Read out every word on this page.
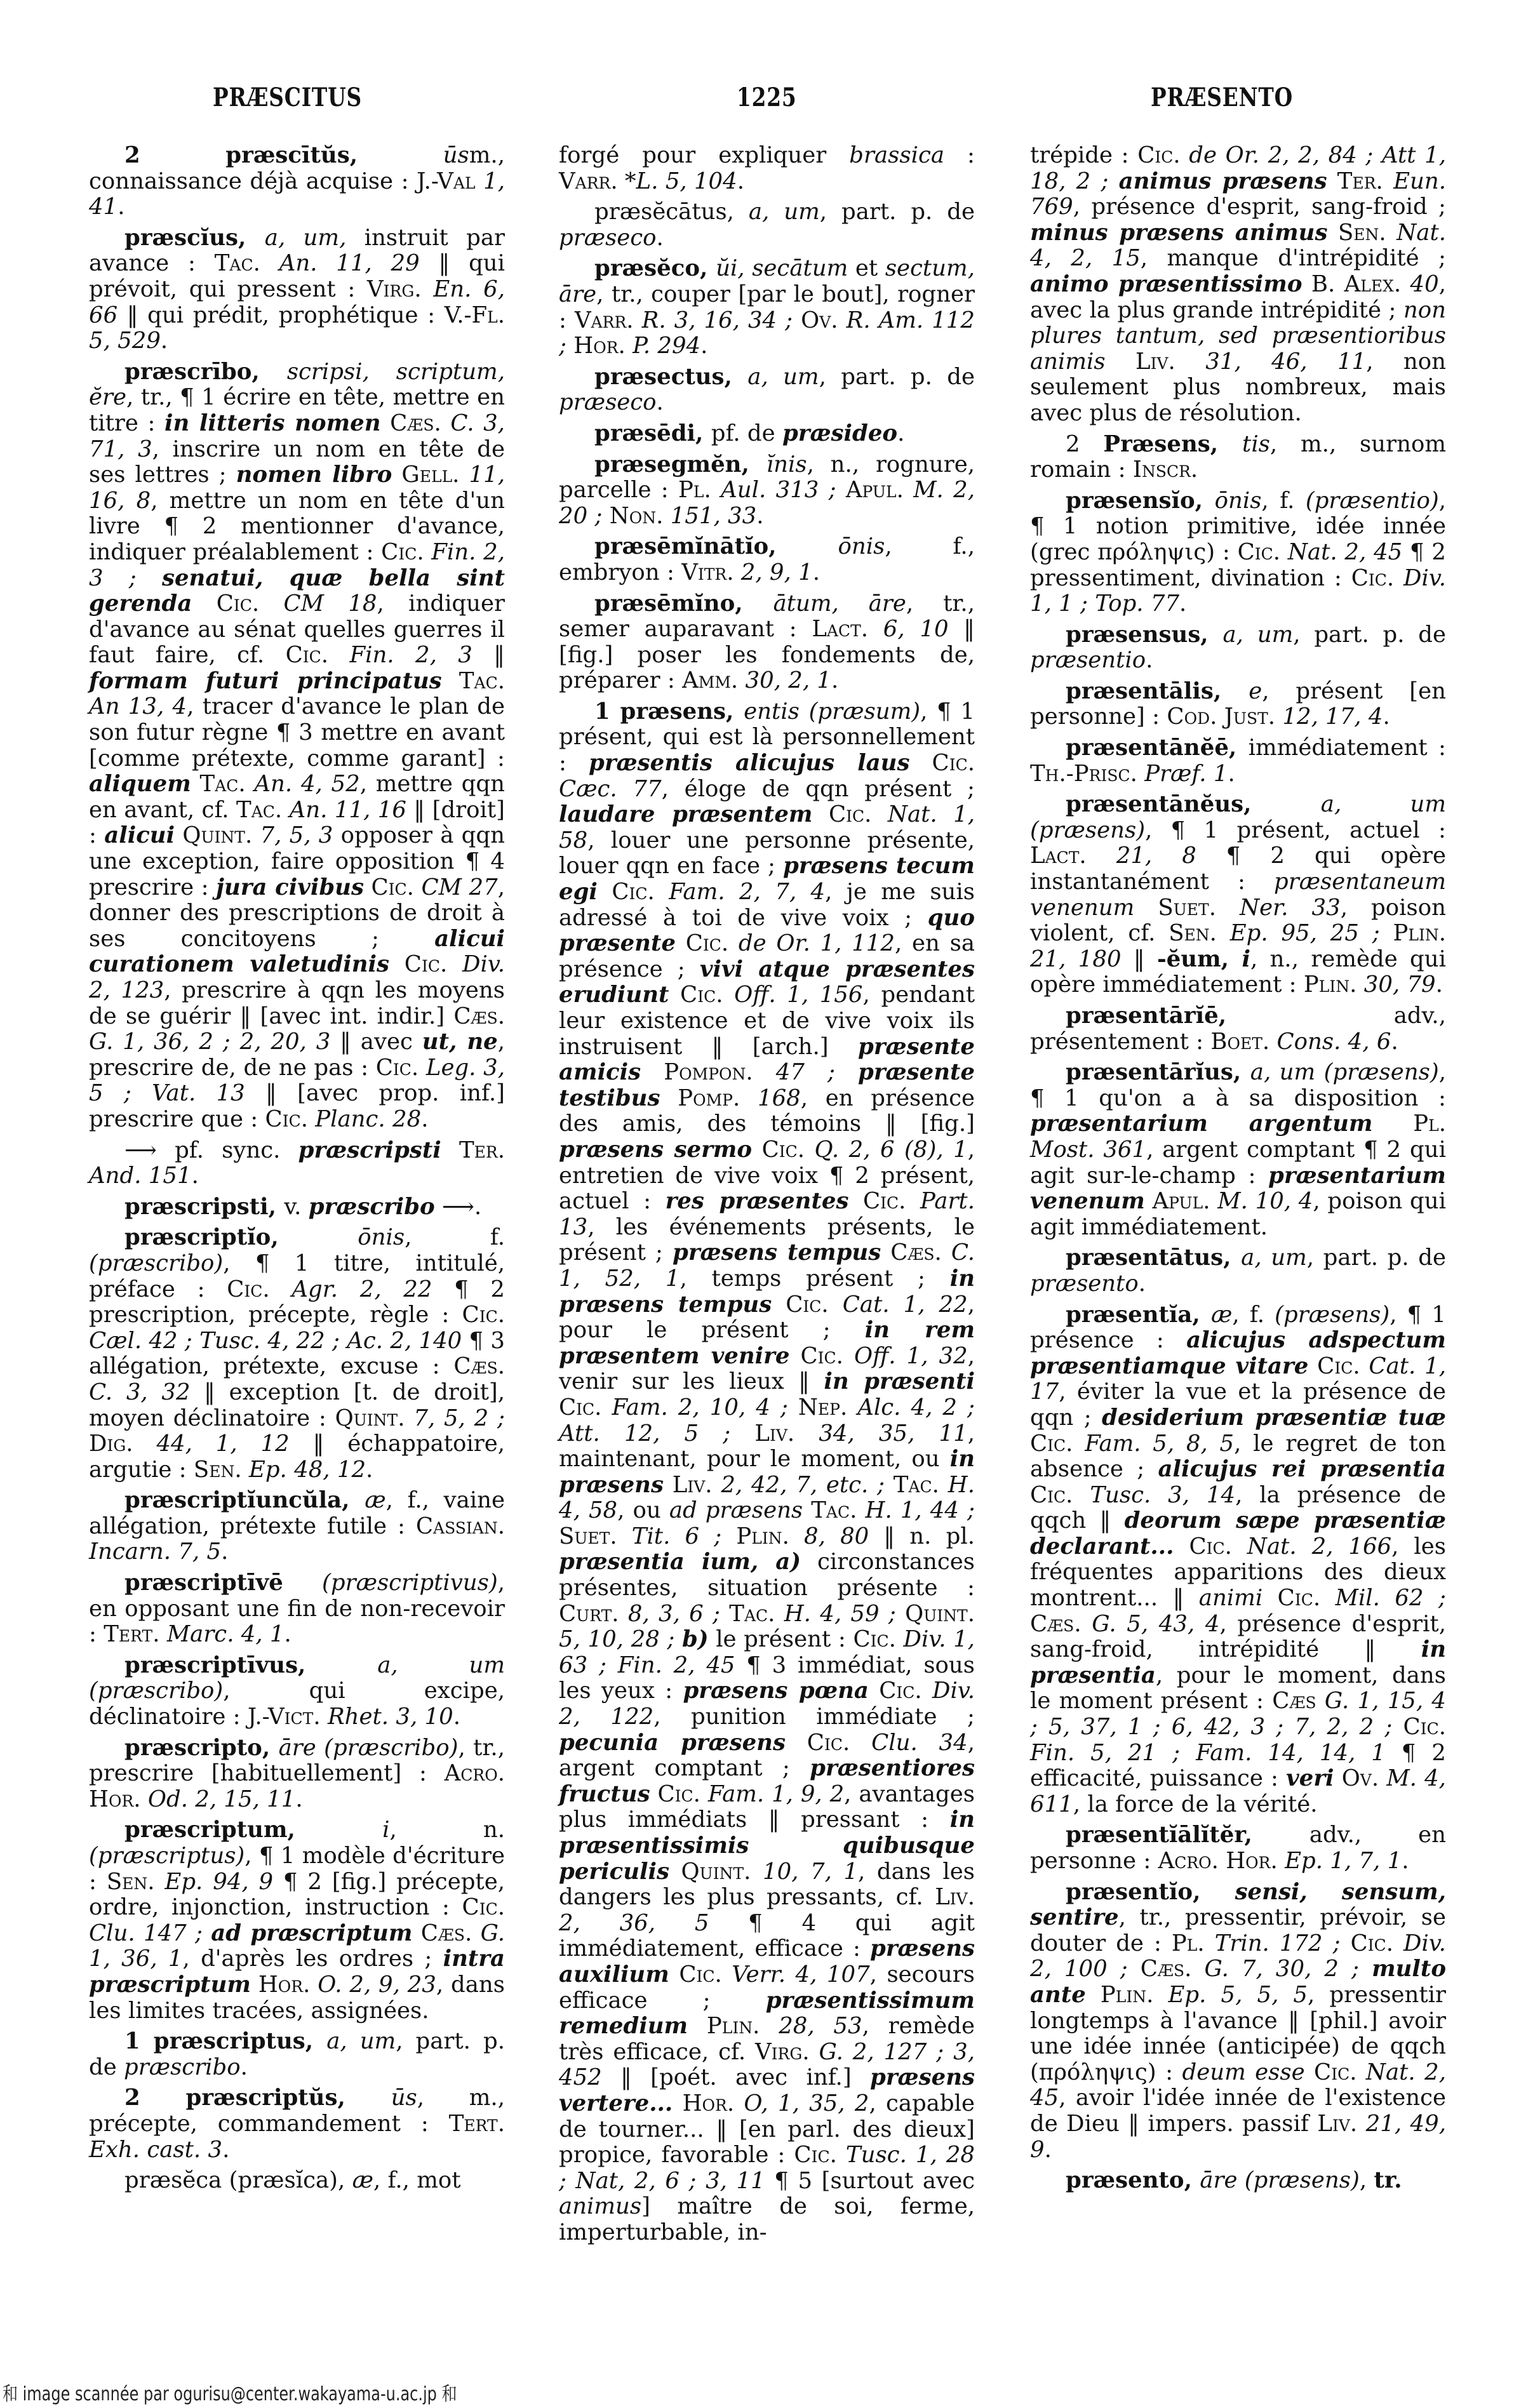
PRÆSCITUS	1225	PRÆSENTO

2 præscītŭs, ūsm., connaissance déjà acquise : J.-Val 1, 41.

præscĭus, a, um, instruit par avance : Tac. An. 11, 29 ‖ qui prévoit, qui pressent : Virg. En. 6, 66 ‖ qui prédit, prophétique : V.-Fl. 5, 529.

præscrībo, scripsi, scriptum, ĕre, tr., ¶ 1 écrire en tête, mettre en titre : in litteris nomen Cæs. C. 3, 71, 3, inscrire un nom en tête de ses lettres ; nomen libro Gell. 11, 16, 8, mettre un nom en tête d'un livre ¶ 2 mentionner d'avance, indiquer préalablement : Cic. Fin. 2, 3 ; senatui, quæ bella sint gerenda Cic. CM 18, indiquer d'avance au sénat quelles guerres il faut faire, cf. Cic. Fin. 2, 3 ‖ formam futuri principatus Tac. An 13, 4, tracer d'avance le plan de son futur règne ¶ 3 mettre en avant [comme prétexte, comme garant] : aliquem Tac. An. 4, 52, mettre qqn en avant, cf. Tac. An. 11, 16 ‖ [droit] : alicui Quint. 7, 5, 3 opposer à qqn une exception, faire opposition ¶ 4 prescrire : jura civibus Cic. CM 27, donner des prescriptions de droit à ses concitoyens ; alicui curationem valetudinis Cic. Div. 2, 123, prescrire à qqn les moyens de se guérir ‖ [avec int. indir.] Cæs. G. 1, 36, 2 ; 2, 20, 3 ‖ avec ut, ne, prescrire de, de ne pas : Cic. Leg. 3, 5 ; Vat. 13 ‖ [avec prop. inf.] prescrire que : Cic. Planc. 28.

⟶ pf. sync. præscripsti Ter. And. 151.

præscripsti, v. præscribo ⟶.

præscriptĭo, ōnis, f. (præscribo), ¶ 1 titre, intitulé, préface : Cic. Agr. 2, 22 ¶ 2 prescription, précepte, règle : Cic. Cæl. 42 ; Tusc. 4, 22 ; Ac. 2, 140 ¶ 3 allégation, prétexte, excuse : Cæs. C. 3, 32 ‖ exception [t. de droit], moyen déclinatoire : Quint. 7, 5, 2 ; Dig. 44, 1, 12 ‖ échappatoire, argutie : Sen. Ep. 48, 12.

præscriptĭuncŭla, æ, f., vaine allégation, prétexte futile : Cassian. Incarn. 7, 5.

præscriptīvē (præscriptivus), en opposant une fin de non-recevoir : Tert. Marc. 4, 1.

præscriptīvus, a, um (præscribo), qui excipe, déclinatoire : J.-Vict. Rhet. 3, 10.

præscripto, āre (præscribo), tr., prescrire [habituellement] : Acro. Hor. Od. 2, 15, 11.

præscriptum, i, n. (præscriptus), ¶ 1 modèle d'écriture : Sen. Ep. 94, 9 ¶ 2 [fig.] précepte, ordre, injonction, instruction : Cic. Clu. 147 ; ad præscriptum Cæs. G. 1, 36, 1, d'après les ordres ; intra præscriptum Hor. O. 2, 9, 23, dans les limites tracées, assignées.

1 præscriptus, a, um, part. p. de præscribo.

2 præscriptŭs, ūs, m., précepte, commandement : Tert. Exh. cast. 3.

præsĕca (præsĭca), æ, f., mot

forgé pour expliquer brassica : Varr. *L. 5, 104.

præsĕcātus, a, um, part. p. de præseco.

præsĕco, ŭi, secātum et sectum, āre, tr., couper [par le bout], rogner : Varr. R. 3, 16, 34 ; Ov. R. Am. 112 ; Hor. P. 294.

præsectus, a, um, part. p. de præseco.

præsēdi, pf. de præsideo.

præsegmĕn, ĭnis, n., rognure, parcelle : Pl. Aul. 313 ; Apul. M. 2, 20 ; Non. 151, 33.

præsēmĭnātĭo, ōnis, f., embryon : Vitr. 2, 9, 1.

præsēmĭno, ātum, āre, tr., semer auparavant : Lact. 6, 10 ‖ [fig.] poser les fondements de, préparer : Amm. 30, 2, 1.

1 præsens, entis (præsum), ¶ 1 présent, qui est là personnellement : præsentis alicujus laus Cic. Cæc. 77, éloge de qqn présent ; laudare præsentem Cic. Nat. 1, 58, louer une personne présente, louer qqn en face ; præsens tecum egi Cic. Fam. 2, 7, 4, je me suis adressé à toi de vive voix ; quo præsente Cic. de Or. 1, 112, en sa présence ; vivi atque præsentes erudiunt Cic. Off. 1, 156, pendant leur existence et de vive voix ils instruisent ‖ [arch.] præsente amicis Pompon. 47 ; præsente testibus Pomp. 168, en présence des amis, des témoins ‖ [fig.] præsens sermo Cic. Q. 2, 6 (8), 1, entretien de vive voix ¶ 2 présent, actuel : res præsentes Cic. Part. 13, les événements présents, le présent ; præsens tempus Cæs. C. 1, 52, 1, temps présent ; in præsens tempus Cic. Cat. 1, 22, pour le présent ; in rem præsentem venire Cic. Off. 1, 32, venir sur les lieux ‖ in præsenti Cic. Fam. 2, 10, 4 ; Nep. Alc. 4, 2 ; Att. 12, 5 ; Liv. 34, 35, 11, maintenant, pour le moment, ou in præsens Liv. 2, 42, 7, etc. ; Tac. H. 4, 58, ou ad præsens Tac. H. 1, 44 ; Suet. Tit. 6 ; Plin. 8, 80 ‖ n. pl. præsentia ium, a) circonstances présentes, situation présente : Curt. 8, 3, 6 ; Tac. H. 4, 59 ; Quint. 5, 10, 28 ; b) le présent : Cic. Div. 1, 63 ; Fin. 2, 45 ¶ 3 immédiat, sous les yeux : præsens pœna Cic. Div. 2, 122, punition immédiate ; pecunia præsens Cic. Clu. 34, argent comptant ; præsentiores fructus Cic. Fam. 1, 9, 2, avantages plus immédiats ‖ pressant : in præsentissimis quibusque periculis Quint. 10, 7, 1, dans les dangers les plus pressants, cf. Liv. 2, 36, 5 ¶ 4 qui agit immédiatement, efficace : præsens auxilium Cic. Verr. 4, 107, secours efficace ; præsentissimum remedium Plin. 28, 53, remède très efficace, cf. Virg. G. 2, 127 ; 3, 452 ‖ [poét. avec inf.] præsens vertere... Hor. O, 1, 35, 2, capable de tourner... ‖ [en parl. des dieux] propice, favorable : Cic. Tusc. 1, 28 ; Nat, 2, 6 ; 3, 11 ¶ 5 [surtout avec animus] maître de soi, ferme, imperturbable, in-

trépide : Cic. de Or. 2, 2, 84 ; Att 1, 18, 2 ; animus præsens Ter. Eun. 769, présence d'esprit, sang-froid ; minus præsens animus Sen. Nat. 4, 2, 15, manque d'intrépidité ; animo præsentissimo B. Alex. 40, avec la plus grande intrépidité ; non plures tantum, sed præsentioribus animis Liv. 31, 46, 11, non seulement plus nombreux, mais avec plus de résolution.

2 Præsens, tis, m., surnom romain : Inscr.

præsensĭo, ōnis, f. (præsentio), ¶ 1 notion primitive, idée innée (grec πρόληψις) : Cic. Nat. 2, 45 ¶ 2 pressentiment, divination : Cic. Div. 1, 1 ; Top. 77.

præsensus, a, um, part. p. de præsentio.

præsentālis, e, présent [en personne] : Cod. Just. 12, 17, 4.

præsentānĕē, immédiatement : Th.-Prisc. Præf. 1.

præsentānĕus, a, um (præsens), ¶ 1 présent, actuel : Lact. 21, 8 ¶ 2 qui opère instantanément : præsentaneum venenum Suet. Ner. 33, poison violent, cf. Sen. Ep. 95, 25 ; Plin. 21, 180 ‖ -ĕum, i, n., remède qui opère immédiatement : Plin. 30, 79.

præsentārĭē, adv., présentement : Boet. Cons. 4, 6.

præsentārĭus, a, um (præsens), ¶ 1 qu'on a à sa disposition : præsentarium argentum Pl. Most. 361, argent comptant ¶ 2 qui agit sur-le-champ : præsentarium venenum Apul. M. 10, 4, poison qui agit immédiatement.

præsentātus, a, um, part. p. de præsento.

præsentĭa, æ, f. (præsens), ¶ 1 présence : alicujus adspectum præsentiamque vitare Cic. Cat. 1, 17, éviter la vue et la présence de qqn ; desiderium præsentiæ tuæ Cic. Fam. 5, 8, 5, le regret de ton absence ; alicujus rei præsentia Cic. Tusc. 3, 14, la présence de qqch ‖ deorum sæpe præsentiæ declarant... Cic. Nat. 2, 166, les fréquentes apparitions des dieux montrent... ‖ animi Cic. Mil. 62 ; Cæs. G. 5, 43, 4, présence d'esprit, sang-froid, intrépidité ‖ in præsentia, pour le moment, dans le moment présent : Cæs G. 1, 15, 4 ; 5, 37, 1 ; 6, 42, 3 ; 7, 2, 2 ; Cic. Fin. 5, 21 ; Fam. 14, 14, 1 ¶ 2 efficacité, puissance : veri Ov. M. 4, 611, la force de la vérité.

præsentĭālĭtĕr, adv., en personne : Acro. Hor. Ep. 1, 7, 1.

præsentĭo, sensi, sensum, sentire, tr., pressentir, prévoir, se douter de : Pl. Trin. 172 ; Cic. Div. 2, 100 ; Cæs. G. 7, 30, 2 ; multo ante Plin. Ep. 5, 5, 5, pressentir longtemps à l'avance ‖ [phil.] avoir une idée innée (anticipée) de qqch (πρόληψις) : deum esse Cic. Nat. 2, 45, avoir l'idée innée de l'existence de Dieu ‖ impers. passif Liv. 21, 49, 9.

præsento, āre (præsens), tr.

和 image scannée par ogurisu@center.wakayama-u.ac.jp 和
